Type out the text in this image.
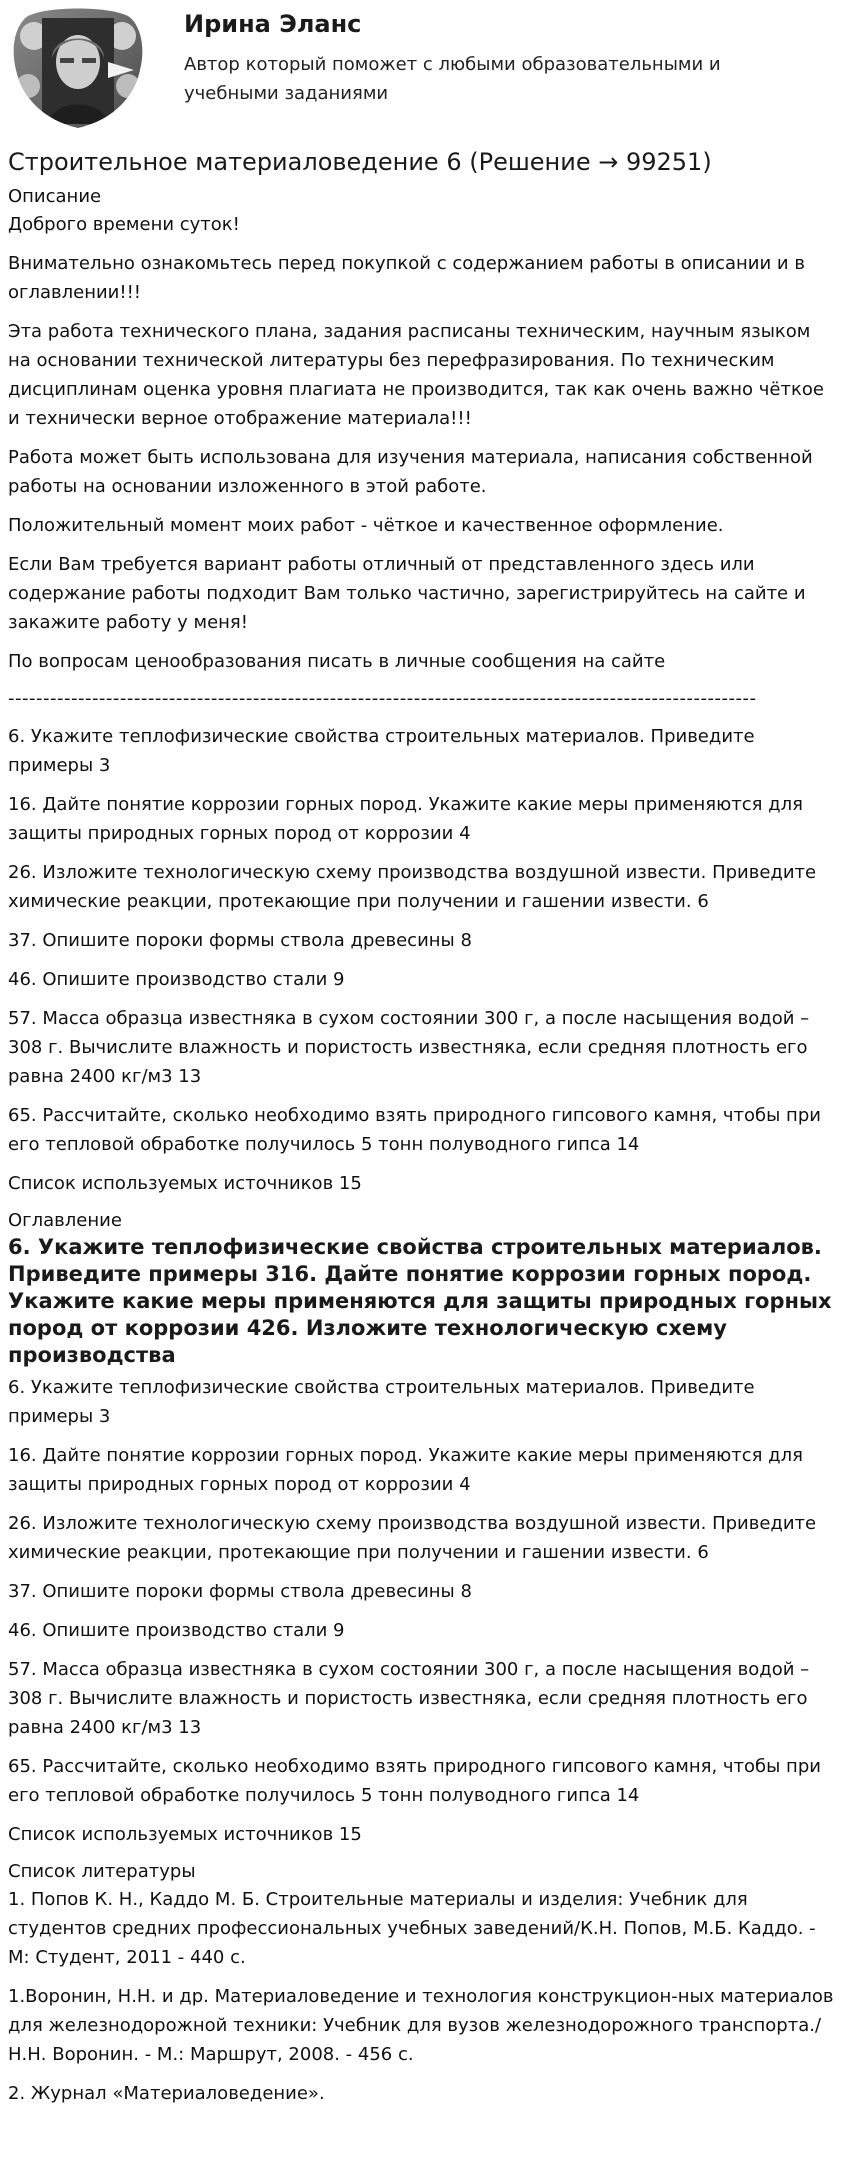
Ирина Эланс
Автор который поможет с любыми образовательными и учебными заданиями
Строительное материаловедение 6 (Решение → 99251)

Описание

Доброго времени суток!

Внимательно ознакомьтесь перед покупкой с содержанием работы в описании и в оглавлении!!!

Эта работа технического плана, задания расписаны техническим, научным языком на основании технической литературы без перефразирования. По техническим дисциплинам оценка уровня плагиата не производится, так как очень важно чёткое и технически верное отображение материала!!!

Работа может быть использована для изучения материала, написания собственной работы на основании изложенного в этой работе.

Положительный момент моих работ - чёткое и качественное оформление.

Если Вам требуется вариант работы отличный от представленного здесь или содержание работы подходит Вам только частично, зарегистрируйтесь на сайте и закажите работу у меня!

По вопросам ценообразования писать в личные сообщения на сайте

-----------------------------------------------------------------------------------------------------------

6. Укажите теплофизические свойства строительных материалов. Приведите примеры 3

16. Дайте понятие коррозии горных пород. Укажите какие меры применяются для защиты природных горных пород от коррозии 4

26. Изложите технологическую схему производства воздушной извести. Приведите химические реакции, протекающие при получении и гашении извести. 6

37. Опишите пороки формы ствола древесины 8

46. Опишите производство стали 9

57. Масса образца известняка в сухом состоянии 300 г, а после насыщения водой – 308 г. Вычислите влажность и пористость известняка, если средняя плотность его равна 2400 кг/м3 13

65. Рассчитайте, сколько необходимо взять природного гипсового камня, чтобы при его тепловой обработке получилось 5 тонн полуводного гипса 14

Список используемых источников 15

Оглавление

6. Укажите теплофизические свойства строительных материалов. Приведите примеры 316. Дайте понятие коррозии горных пород. Укажите какие меры применяются для защиты природных горных пород от коррозии 426. Изложите технологическую схему производства

6. Укажите теплофизические свойства строительных материалов. Приведите примеры 3

16. Дайте понятие коррозии горных пород. Укажите какие меры применяются для защиты природных горных пород от коррозии 4

26. Изложите технологическую схему производства воздушной извести. Приведите химические реакции, протекающие при получении и гашении извести. 6

37. Опишите пороки формы ствола древесины 8

46. Опишите производство стали 9

57. Масса образца известняка в сухом состоянии 300 г, а после насыщения водой – 308 г. Вычислите влажность и пористость известняка, если средняя плотность его равна 2400 кг/м3 13

65. Рассчитайте, сколько необходимо взять природного гипсового камня, чтобы при его тепловой обработке получилось 5 тонн полуводного гипса 14

Список используемых источников 15

Список литературы

1. Попов К. Н., Каддо М. Б. Строительные материалы и изделия: Учебник для студентов средних профессиональных учебных заведений/К.Н. Попов, М.Б. Каддо. - М: Студент, 2011 - 440 с.

1.Воронин, Н.Н. и др. Материаловедение и технология конструкцион-ных материалов для железнодорожной техники: Учебник для вузов железнодорожного транспорта./ Н.Н. Воронин. - М.: Маршрут, 2008. - 456 с.

2. Журнал «Материаловедение».
